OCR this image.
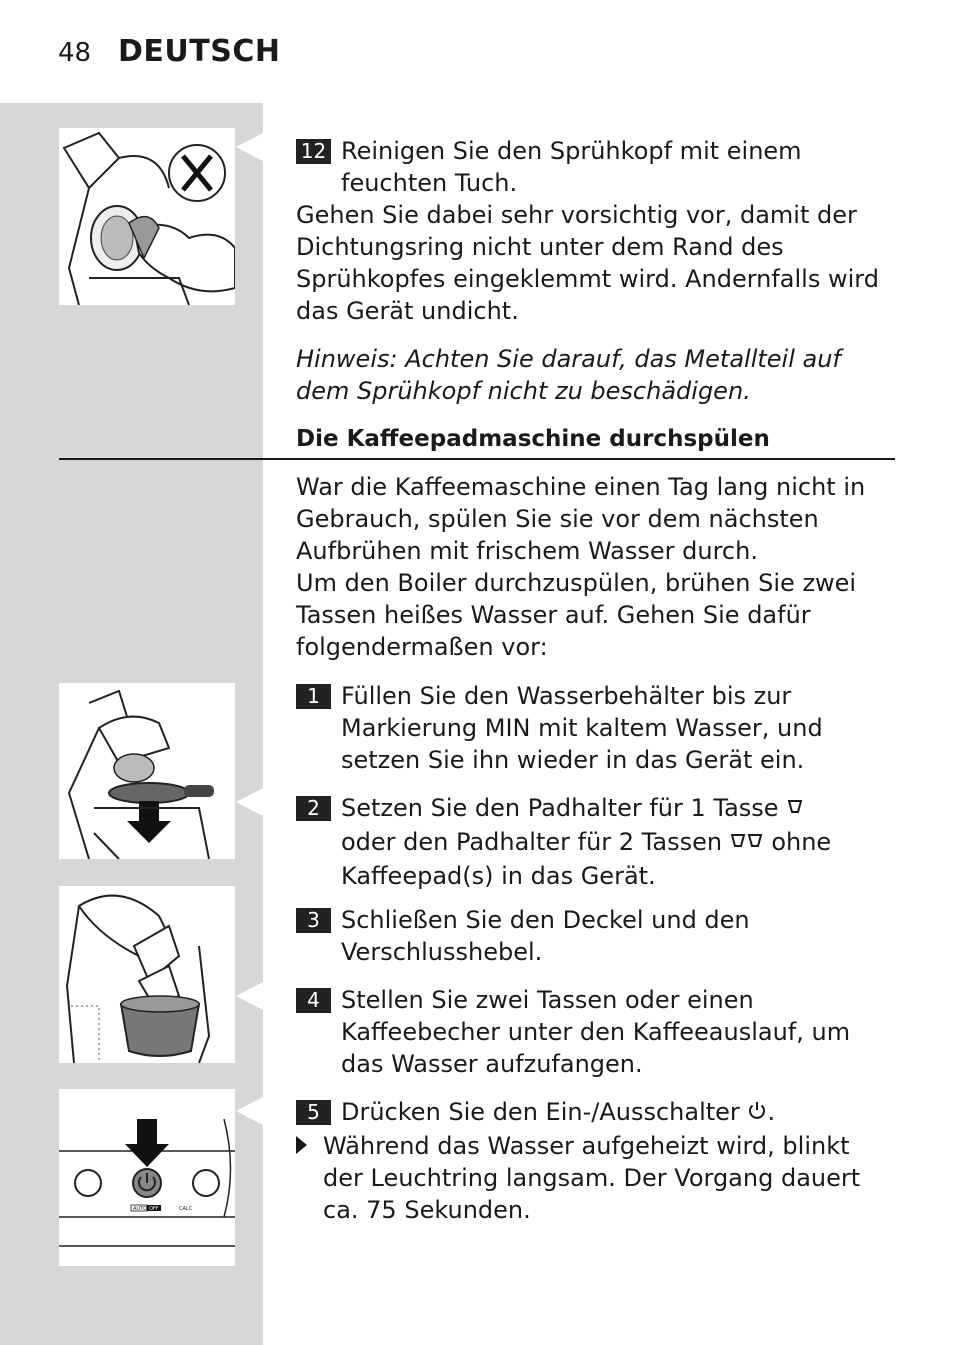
48 DEUTSCH
AUTO OFF	CALC
12 Reinigen Sie den Sprühkopf mit einem feuchten Tuch.

Gehen Sie dabei sehr vorsichtig vor, damit der Dichtungsring nicht unter dem Rand des Sprühkopfes eingeklemmt wird. Andernfalls wird das Gerät undicht.

Hinweis: Achten Sie darauf, das Metallteil auf dem Sprühkopf nicht zu beschädigen.

Die Kaffeepadmaschine durchspülen

War die Kaffeemaschine einen Tag lang nicht in Gebrauch, spülen Sie sie vor dem nächsten Aufbrühen mit frischem Wasser durch.

Um den Boiler durchzuspülen, brühen Sie zwei Tassen heißes Wasser auf. Gehen Sie dafür folgendermaßen vor:

1 Füllen Sie den Wasserbehälter bis zur Markierung MIN mit kaltem Wasser, und setzen Sie ihn wieder in das Gerät ein.
2 Setzen Sie den Padhalter für 1 Tasse
oder den Padhalter für 2 Tassen ohne Kaffeepad(s) in das Gerät.
3 Schließen Sie den Deckel und den Verschlusshebel.
4 Stellen Sie zwei Tassen oder einen Kaffeebecher unter den Kaffeeauslauf, um das Wasser aufzufangen.
5 Drücken Sie den Ein-/Ausschalter .
Während das Wasser aufgeheizt wird, blinkt der Leuchtring langsam. Der Vorgang dauert ca. 75 Sekunden.
